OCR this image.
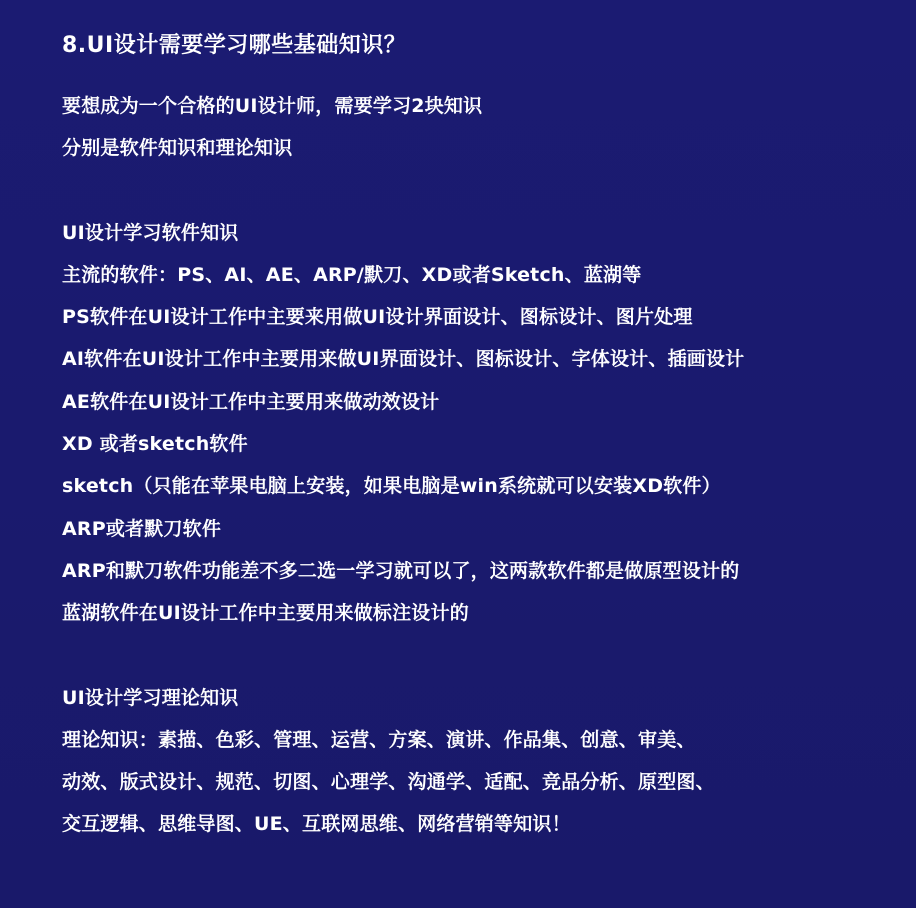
8.UI设计需要学习哪些基础知识？
要想成为一个合格的UI设计师，需要学习2块知识
分别是软件知识和理论知识
UI设计学习软件知识
主流的软件：PS、AI、AE、ARP/默刀、XD或者Sketch、蓝湖等
PS软件在UI设计工作中主要来用做UI设计界面设计、图标设计、图片处理
AI软件在UI设计工作中主要用来做UI界面设计、图标设计、字体设计、插画设计
AE软件在UI设计工作中主要用来做动效设计
XD 或者sketch软件
sketch（只能在苹果电脑上安装，如果电脑是win系统就可以安装XD软件）
ARP或者默刀软件
ARP和默刀软件功能差不多二选一学习就可以了，这两款软件都是做原型设计的
蓝湖软件在UI设计工作中主要用来做标注设计的
UI设计学习理论知识
理论知识：素描、色彩、管理、运营、方案、演讲、作品集、创意、审美、
动效、版式设计、规范、切图、心理学、沟通学、适配、竞品分析、原型图、
交互逻辑、思维导图、UE、互联网思维、网络营销等知识！
